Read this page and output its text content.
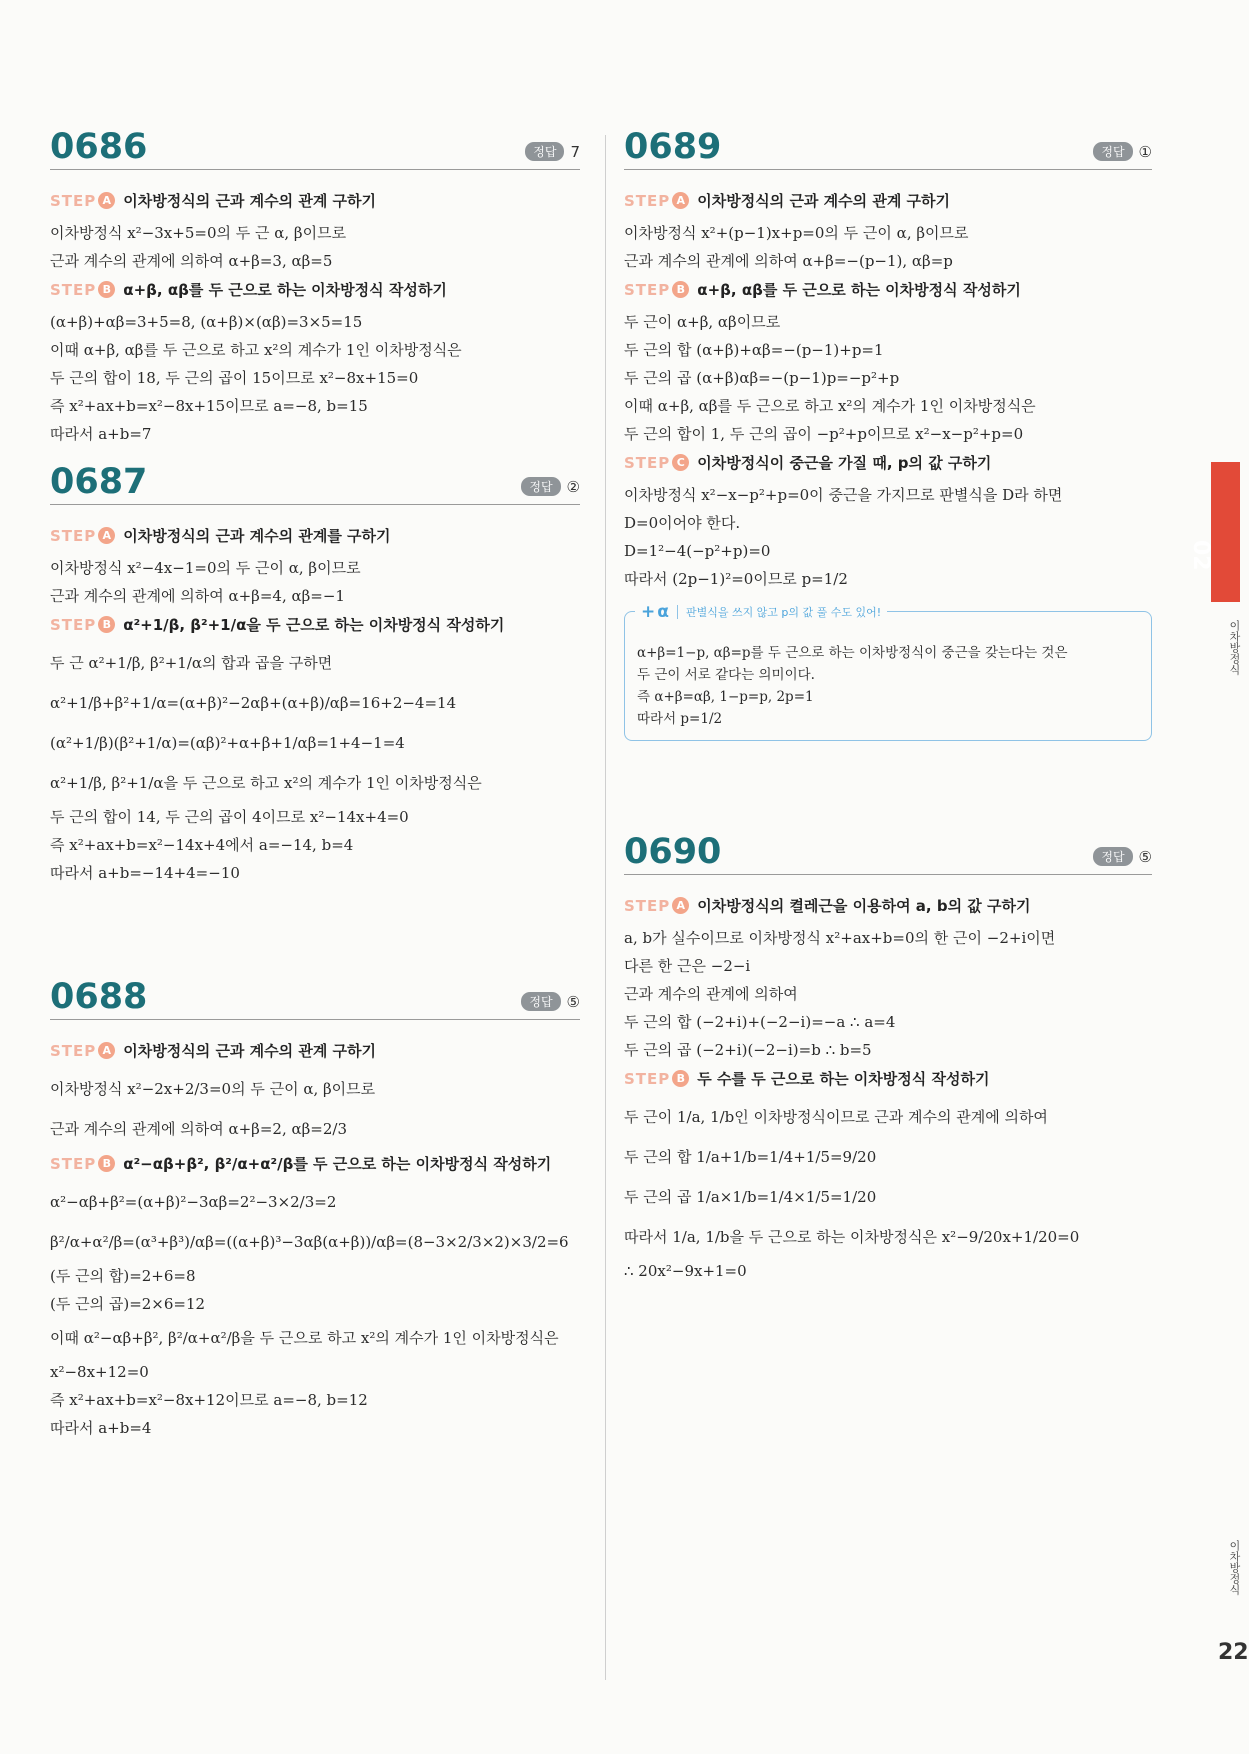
0686	정답 7
STEP A 이차방정식의 근과 계수의 관계 구하기
이차방정식 x²−3x+5=0의 두 근 α, β이므로
근과 계수의 관계에 의하여 α+β=3, αβ=5
STEP B α+β, αβ를 두 근으로 하는 이차방정식 작성하기
(α+β)+αβ=3+5=8, (α+β)×(αβ)=3×5=15
이때 α+β, αβ를 두 근으로 하고 x²의 계수가 1인 이차방정식은
두 근의 합이 18, 두 근의 곱이 15이므로 x²−8x+15=0
즉 x²+ax+b=x²−8x+15이므로 a=−8, b=15
따라서 a+b=7
0687	정답 ②
STEP A 이차방정식의 근과 계수의 관계를 구하기
이차방정식 x²−4x−1=0의 두 근이 α, β이므로
근과 계수의 관계에 의하여 α+β=4, αβ=−1
STEP B α²+1/β, β²+1/α을 두 근으로 하는 이차방정식 작성하기
두 근 α²+1/β, β²+1/α의 합과 곱을 구하면
α²+1/β+β²+1/α=(α+β)²−2αβ+(α+β)/αβ=16+2−4=14
(α²+1/β)(β²+1/α)=(αβ)²+α+β+1/αβ=1+4−1=4
α²+1/β, β²+1/α을 두 근으로 하고 x²의 계수가 1인 이차방정식은
두 근의 합이 14, 두 근의 곱이 4이므로 x²−14x+4=0
즉 x²+ax+b=x²−14x+4에서 a=−14, b=4
따라서 a+b=−14+4=−10
0688	정답 ⑤
STEP A 이차방정식의 근과 계수의 관계 구하기
이차방정식 x²−2x+2/3=0의 두 근이 α, β이므로
근과 계수의 관계에 의하여 α+β=2, αβ=2/3
STEP B α²−αβ+β², β²/α+α²/β를 두 근으로 하는 이차방정식 작성하기
α²−αβ+β²=(α+β)²−3αβ=2²−3×2/3=2
β²/α+α²/β=(α³+β³)/αβ=((α+β)³−3αβ(α+β))/αβ=(8−3×2/3×2)×3/2=6
(두 근의 합)=2+6=8
(두 근의 곱)=2×6=12
이때 α²−αβ+β², β²/α+α²/β을 두 근으로 하고 x²의 계수가 1인 이차방정식은
x²−8x+12=0
즉 x²+ax+b=x²−8x+12이므로 a=−8, b=12
따라서 a+b=4
0689	정답 ①
STEP A 이차방정식의 근과 계수의 관계 구하기
이차방정식 x²+(p−1)x+p=0의 두 근이 α, β이므로
근과 계수의 관계에 의하여 α+β=−(p−1), αβ=p
STEP B α+β, αβ를 두 근으로 하는 이차방정식 작성하기
두 근이 α+β, αβ이므로
두 근의 합 (α+β)+αβ=−(p−1)+p=1
두 근의 곱 (α+β)αβ=−(p−1)p=−p²+p
이때 α+β, αβ를 두 근으로 하고 x²의 계수가 1인 이차방정식은
두 근의 합이 1, 두 근의 곱이 −p²+p이므로 x²−x−p²+p=0
STEP C 이차방정식이 중근을 가질 때, p의 값 구하기
이차방정식 x²−x−p²+p=0이 중근을 가지므로 판별식을 D라 하면
D=0이어야 한다.
D=1²−4(−p²+p)=0
따라서 (2p−1)²=0이므로 p=1/2
+ α 판별식을 쓰지 않고 p의 값 풀 수도 있어!
α+β=1−p, αβ=p를 두 근으로 하는 이차방정식이 중근을 갖는다는 것은
두 근이 서로 같다는 의미이다.
즉 α+β=αβ, 1−p=p, 2p=1
따라서 p=1/2
0690	정답 ⑤
STEP A 이차방정식의 켤레근을 이용하여 a, b의 값 구하기
a, b가 실수이므로 이차방정식 x²+ax+b=0의 한 근이 −2+i이면
다른 한 근은 −2−i
근과 계수의 관계에 의하여
두 근의 합 (−2+i)+(−2−i)=−a ∴ a=4
두 근의 곱 (−2+i)(−2−i)=b ∴ b=5
STEP B 두 수를 두 근으로 하는 이차방정식 작성하기
두 근이 1/a, 1/b인 이차방정식이므로 근과 계수의 관계에 의하여
두 근의 합 1/a+1/b=1/4+1/5=9/20
두 근의 곱 1/a×1/b=1/4×1/5=1/20
따라서 1/a, 1/b을 두 근으로 하는 이차방정식은 x²−9/20x+1/20=0
∴ 20x²−9x+1=0
02
이차방정식
이차방정식
22
